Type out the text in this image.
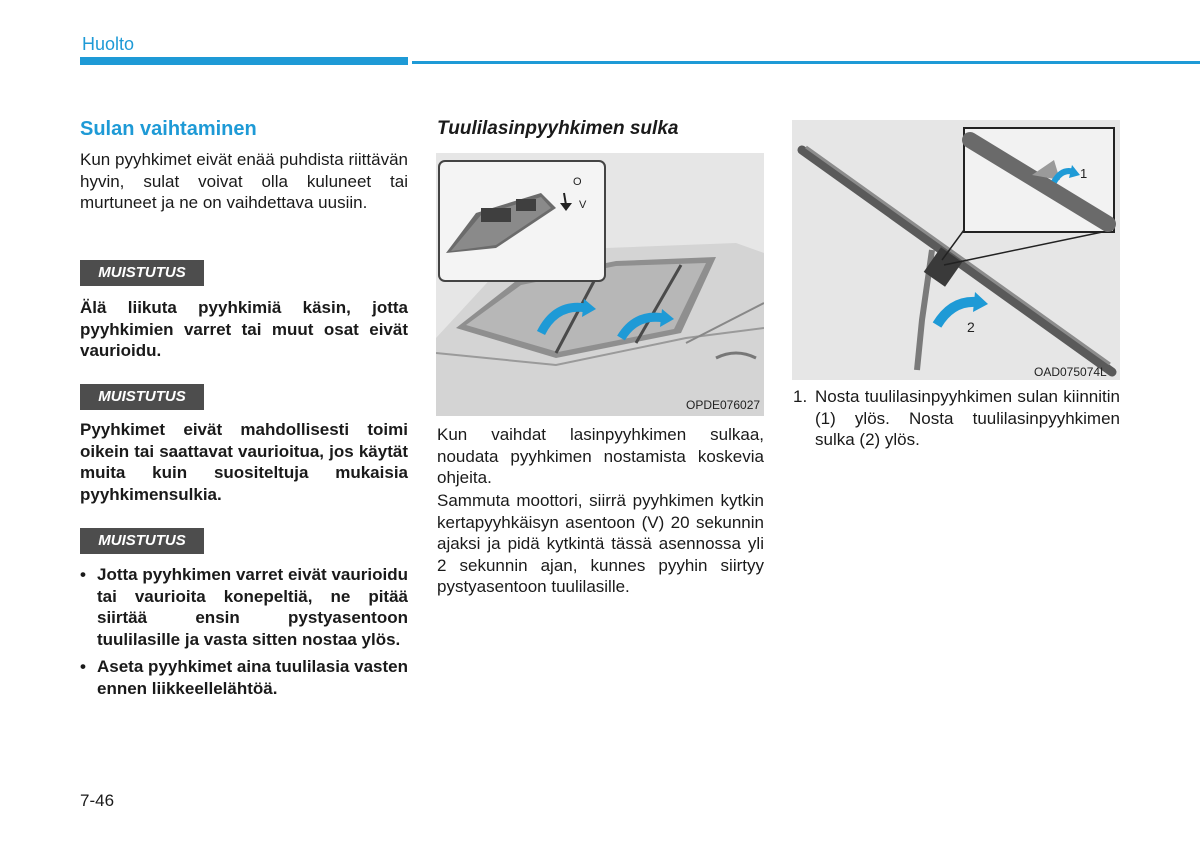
Huolto
Sulan vaihtaminen
Kun pyyhkimet eivät enää puhdista riittävän hyvin, sulat voivat olla kuluneet tai murtuneet ja ne on vaihdettava uusiin.
MUISTUTUS
Älä liikuta pyyhkimiä käsin, jotta pyyhkimien varret tai muut osat eivät vaurioidu.
MUISTUTUS
Pyyhkimet eivät mahdollisesti toimi oikein tai saattavat vaurioitua, jos käytät muita kuin suositeltuja mukaisia pyyhkimensulkia.
MUISTUTUS
• Jotta pyyhkimen varret eivät vaurioidu tai vaurioita konepeltiä, ne pitää siirtää ensin pystyasentoon tuulilasille ja vasta sitten nostaa ylös.
• Aseta pyyhkimet aina tuulilasia vasten ennen liikkeellelähtöä.
Tuulilasinpyyhkimen sulka
O
V
OPDE076027
Kun vaihdat lasinpyyhkimen sulkaa, noudata pyyhkimen nostamista koskevia ohjeita.
Sammuta moottori, siirrä pyyhkimen kytkin kertapyyhkäisyn asentoon (V) 20 sekunnin ajaksi ja pidä kytkintä tässä asennossa yli 2 sekunnin ajan, kunnes pyyhin siirtyy pystyasentoon tuulilasille.
2
1
OAD075074L
1. Nosta tuulilasinpyyhkimen sulan kiinnitin (1) ylös. Nosta tuulilasinpyyhkimen sulka (2) ylös.
7-46
